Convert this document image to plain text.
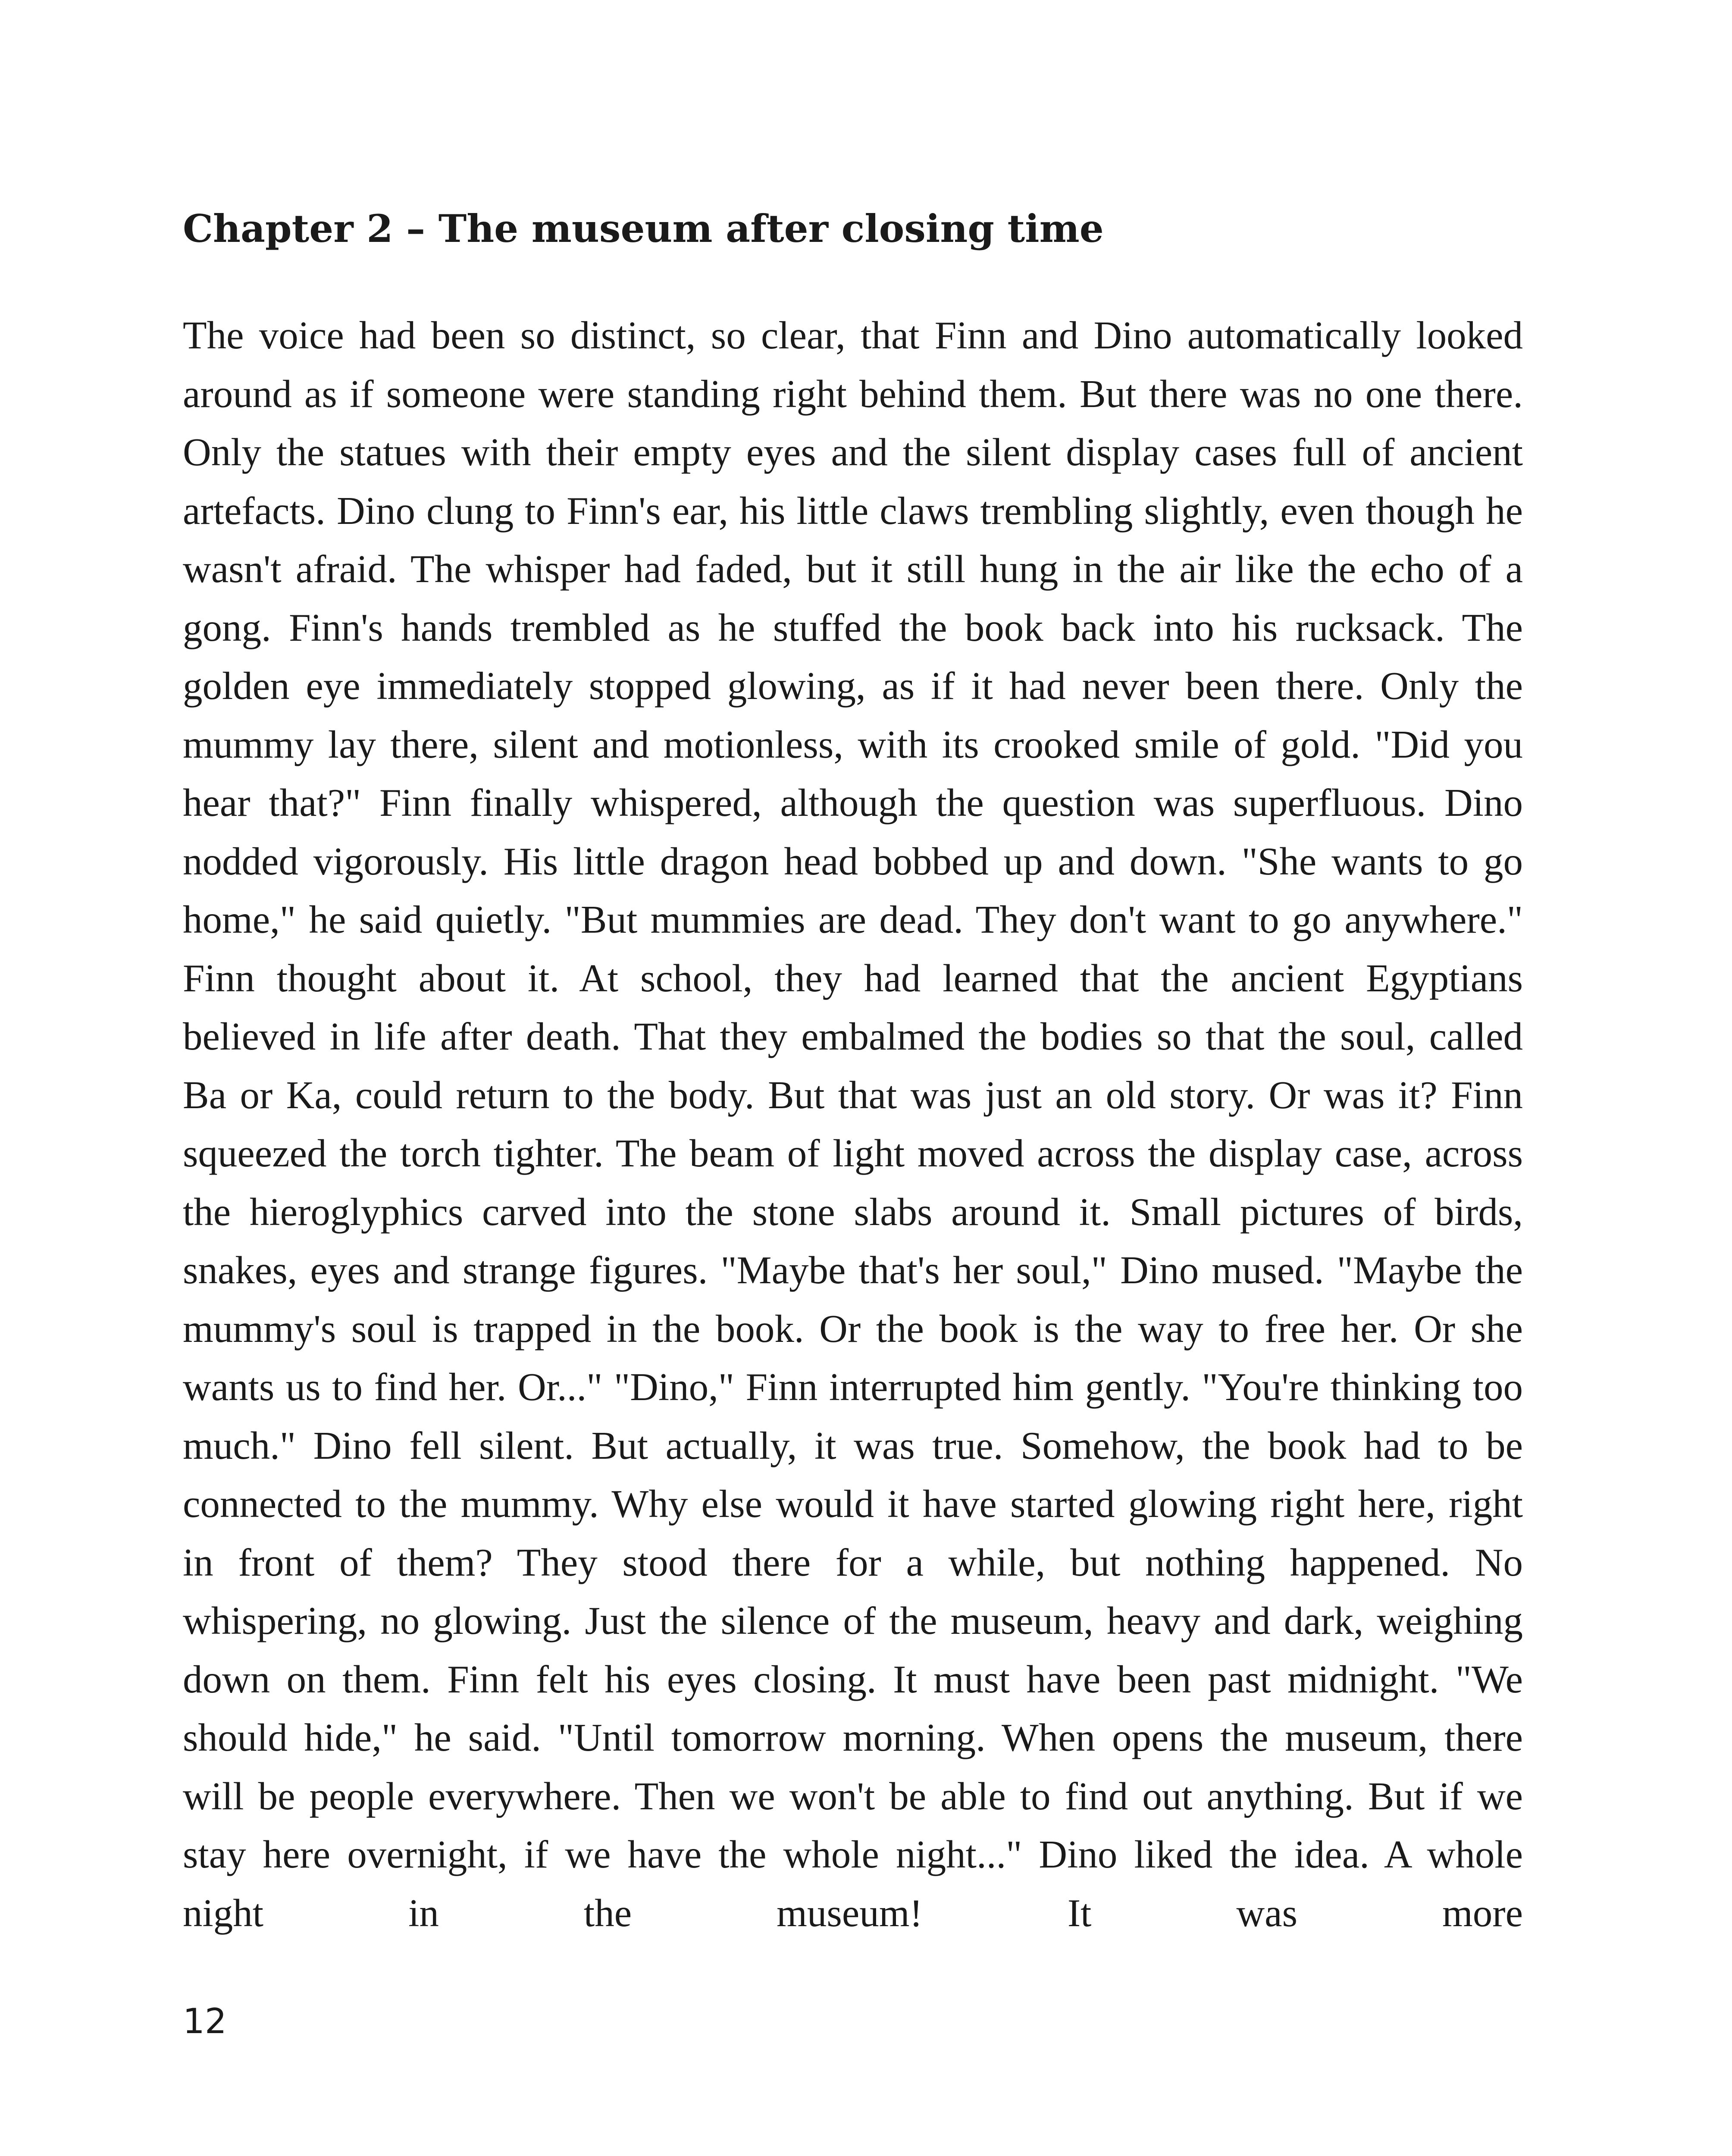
Chapter 2 – The museum after closing time

The voice had been so distinct, so clear, that Finn and Dino automatically looked around as if someone were standing right behind them. But there was no one there. Only the statues with their empty eyes and the silent display cases full of ancient artefacts. Dino clung to Finn's ear, his little claws trembling slightly, even though he wasn't afraid. The whisper had faded, but it still hung in the air like the echo of a gong. Finn's hands trembled as he stuffed the book back into his rucksack. The golden eye immediately stopped glowing, as if it had never been there. Only the mummy lay there, silent and motionless, with its crooked smile of gold. "Did you hear that?" Finn finally whispered, although the question was superfluous. Dino nodded vigorously. His little dragon head bobbed up and down. "She wants to go home," he said quietly. "But mummies are dead. They don't want to go anywhere." Finn thought about it. At school, they had learned that the ancient Egyptians believed in life after death. That they embalmed the bodies so that the soul, called Ba or Ka, could return to the body. But that was just an old story. Or was it? Finn squeezed the torch tighter. The beam of light moved across the display case, across the hieroglyphics carved into the stone slabs around it. Small pictures of birds, snakes, eyes and strange figures. "Maybe that's her soul," Dino mused. "Maybe the mummy's soul is trapped in the book. Or the book is the way to free her. Or she wants us to find her. Or..." "Dino," Finn interrupted him gently. "You're thinking too much." Dino fell silent. But actually, it was true. Somehow, the book had to be connected to the mummy. Why else would it have started glowing right here, right in front of them? They stood there for a while, but nothing happened. No whispering, no glowing. Just the silence of the museum, heavy and dark, weighing down on them. Finn felt his eyes closing. It must have been past midnight. "We should hide," he said. "Until tomorrow morning. When opens the museum, there will be people everywhere. Then we won't be able to find out anything. But if we stay here overnight, if we have the whole night..." Dino liked the idea. A whole night in the museum! It was more

12
